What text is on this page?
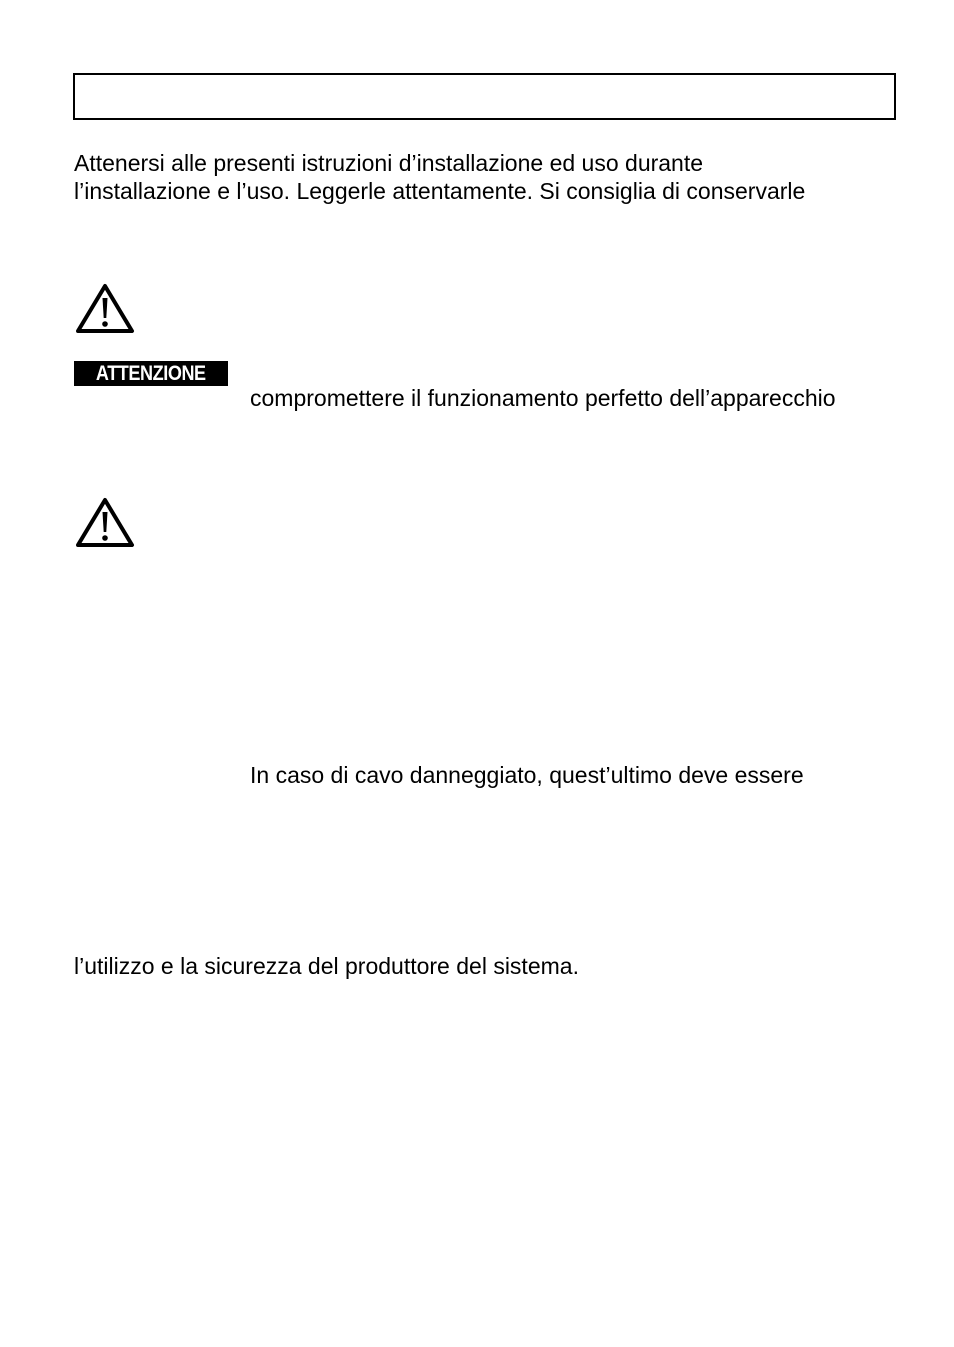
Attenersi alle presenti istruzioni d’installazione ed uso durante
l’installazione e l’uso. Leggerle attentamente. Si consiglia di conservarle
ATTENZIONE
compromettere il funzionamento perfetto dell’apparecchio
In caso di cavo danneggiato, quest’ultimo deve essere
l’utilizzo e la sicurezza del produttore del sistema.
